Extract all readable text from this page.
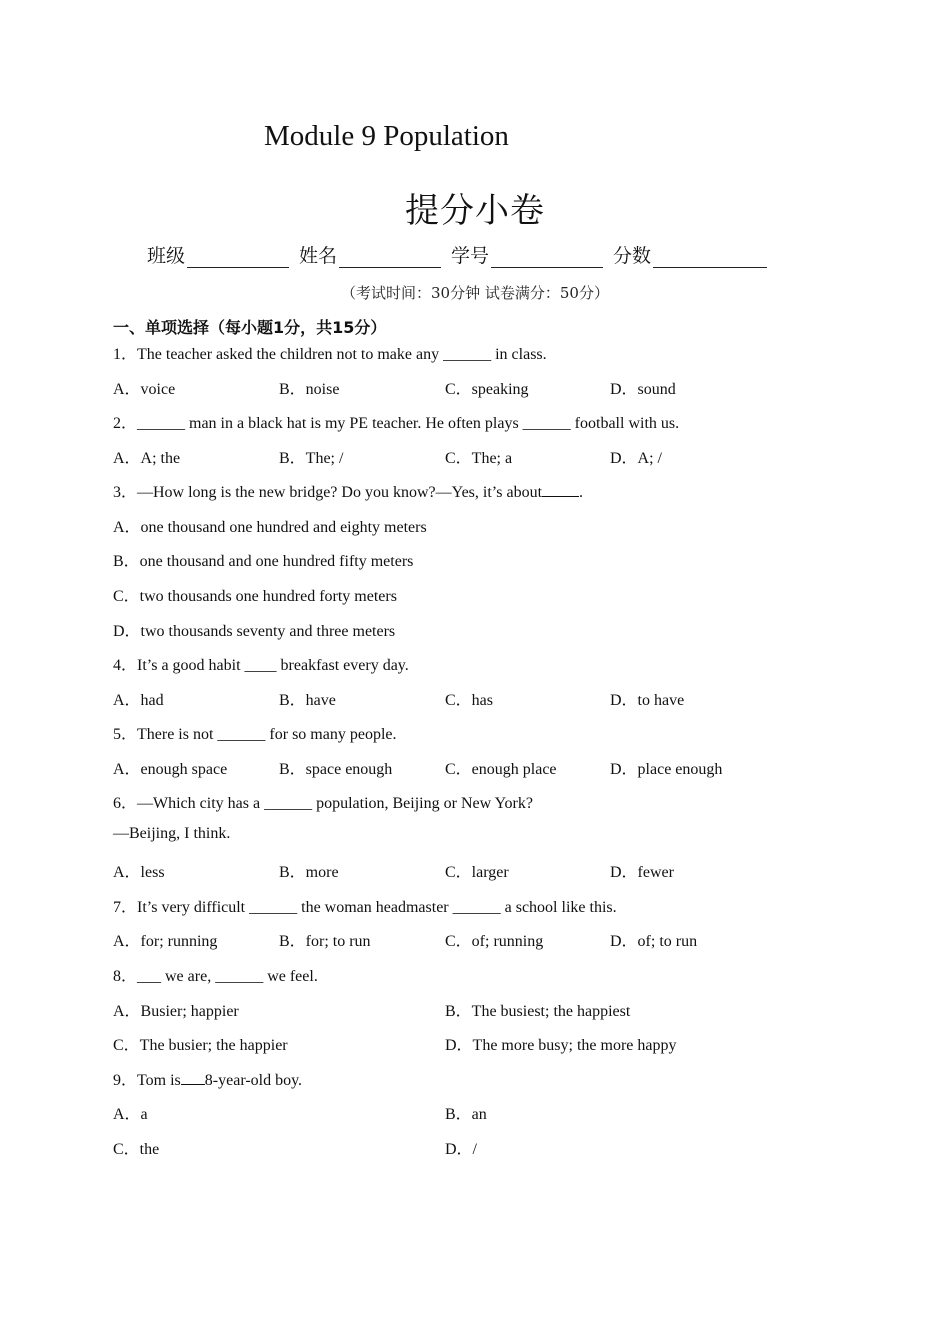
Module 9 Population
提分小卷
班级	姓名	学号	分数
（考试时间：30分钟 试卷满分：50分）
一、单项选择（每小题1分，共15分）
1．The teacher asked the children not to make any ______ in class.
A．voice	B．noise	C．speaking	D．sound
2．______ man in a black hat is my PE teacher. He often plays ______ football with us.
A．A; the	B．The; /	C．The; a	D．A; /
3．—How long is the new bridge? Do you know?—Yes, it’s about .
A．one thousand one hundred and eighty meters
B．one thousand and one hundred fifty meters
C．two thousands one hundred forty meters
D．two thousands seventy and three meters
4．It’s a good habit ____ breakfast every day.
A．had	B．have	C．has	D．to have
5．There is not ______ for so many people.
A．enough space	B．space enough	C．enough place	D．place enough
6．—Which city has a ______ population, Beijing or New York?
—Beijing, I think.
A．less	B．more	C．larger	D．fewer
7．It’s very difficult ______ the woman headmaster ______ a school like this.
A．for; running	B．for; to run	C．of; running	D．of; to run
8．___ we are, ______ we feel.
A．Busier; happier	B．The busiest; the happiest
C．The busier; the happier	D．The more busy; the more happy
9．Tom is 8-year-old boy.
A．a	B．an
C．the	D．/
